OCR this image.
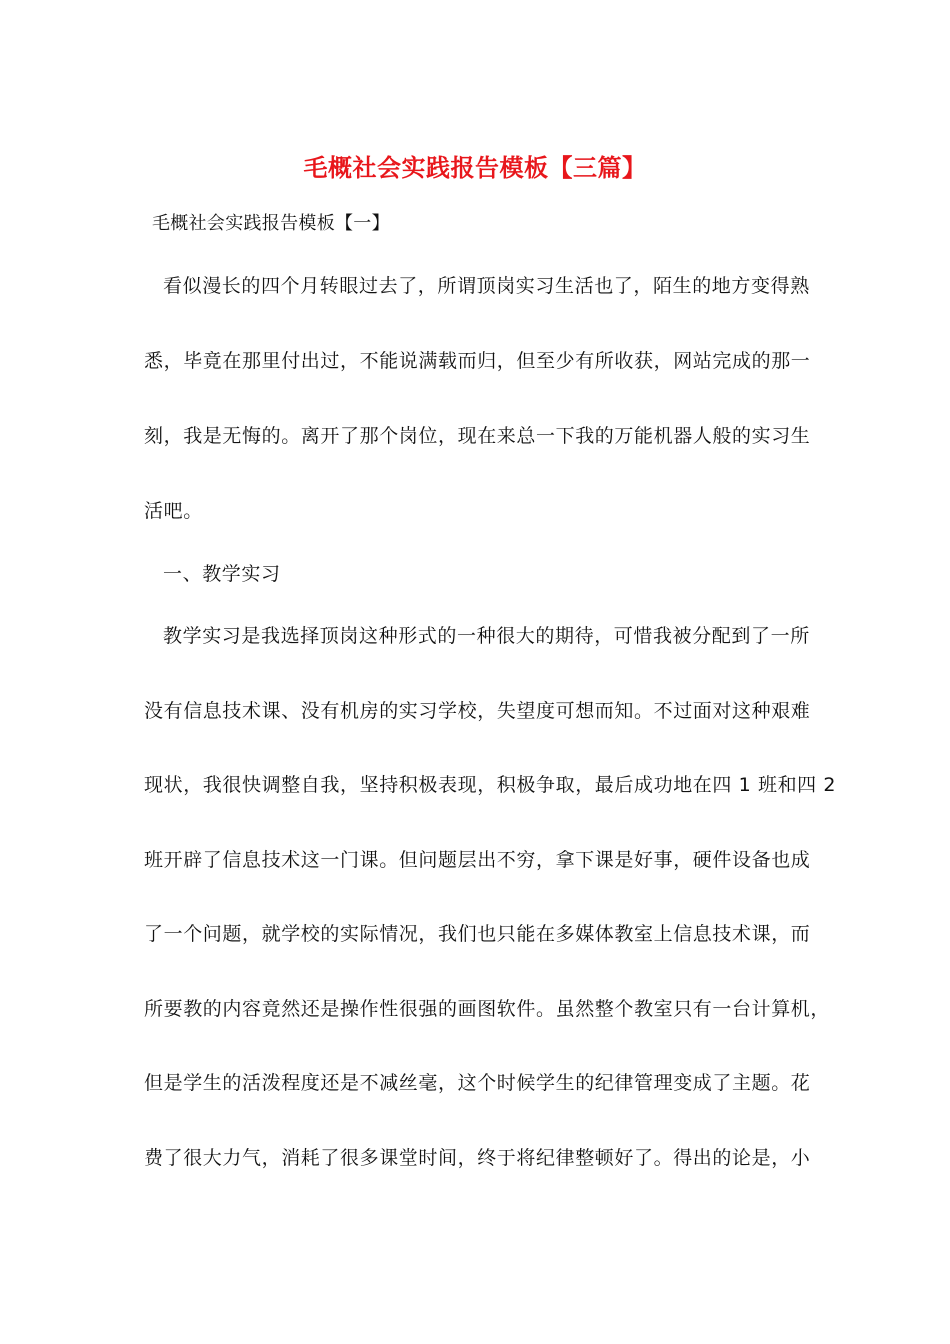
毛概社会实践报告模板【三篇】
毛概社会实践报告模板【一】
看似漫长的四个月转眼过去了，所谓顶岗实习生活也了，陌生的地方变得熟
悉，毕竟在那里付出过，不能说满载而归，但至少有所收获，网站完成的那一
刻，我是无悔的。离开了那个岗位，现在来总一下我的万能机器人般的实习生
活吧。
一、教学实习
教学实习是我选择顶岗这种形式的一种很大的期待，可惜我被分配到了一所
没有信息技术课、没有机房的实习学校，失望度可想而知。不过面对这种艰难
现状，我很快调整自我，坚持积极表现，积极争取，最后成功地在四 1 班和四 2
班开辟了信息技术这一门课。但问题层出不穷，拿下课是好事，硬件设备也成
了一个问题，就学校的实际情况，我们也只能在多媒体教室上信息技术课，而
所要教的内容竟然还是操作性很强的画图软件。虽然整个教室只有一台计算机，
但是学生的活泼程度还是不减丝毫，这个时候学生的纪律管理变成了主题。花
费了很大力气，消耗了很多课堂时间，终于将纪律整顿好了。得出的论是，小
